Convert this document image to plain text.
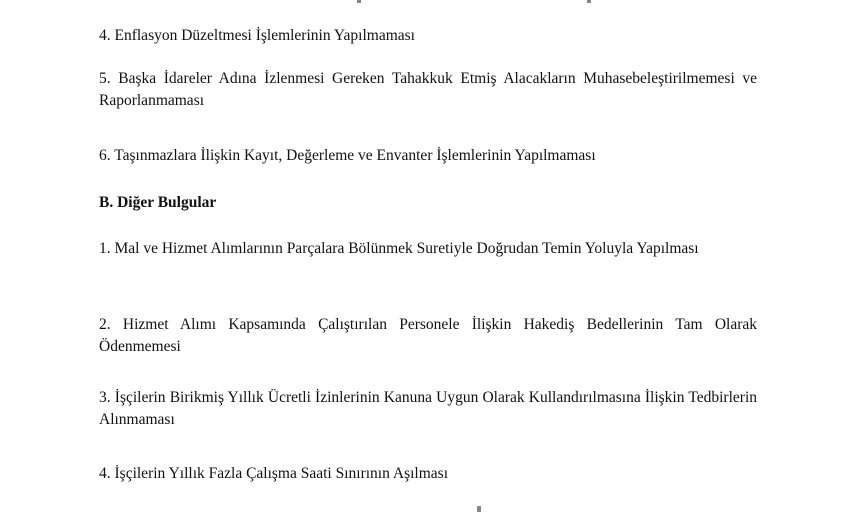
4. Enflasyon Düzeltmesi İşlemlerinin Yapılmaması

5. Başka İdareler Adına İzlenmesi Gereken Tahakkuk Etmiş Alacakların Muhasebeleştirilmemesi ve Raporlanmaması

6. Taşınmazlara İlişkin Kayıt, Değerleme ve Envanter İşlemlerinin Yapılmaması

B. Diğer Bulgular

1. Mal ve Hizmet Alımlarının Parçalara Bölünmek Suretiyle Doğrudan Temin Yoluyla Yapılması

2. Hizmet Alımı Kapsamında Çalıştırılan Personele İlişkin Hakediş Bedellerinin Tam Olarak Ödenmemesi

3. İşçilerin Birikmiş Yıllık Ücretli İzinlerinin Kanuna Uygun Olarak Kullandırılmasına İlişkin Tedbirlerin Alınmaması

4. İşçilerin Yıllık Fazla Çalışma Saati Sınırının Aşılması
